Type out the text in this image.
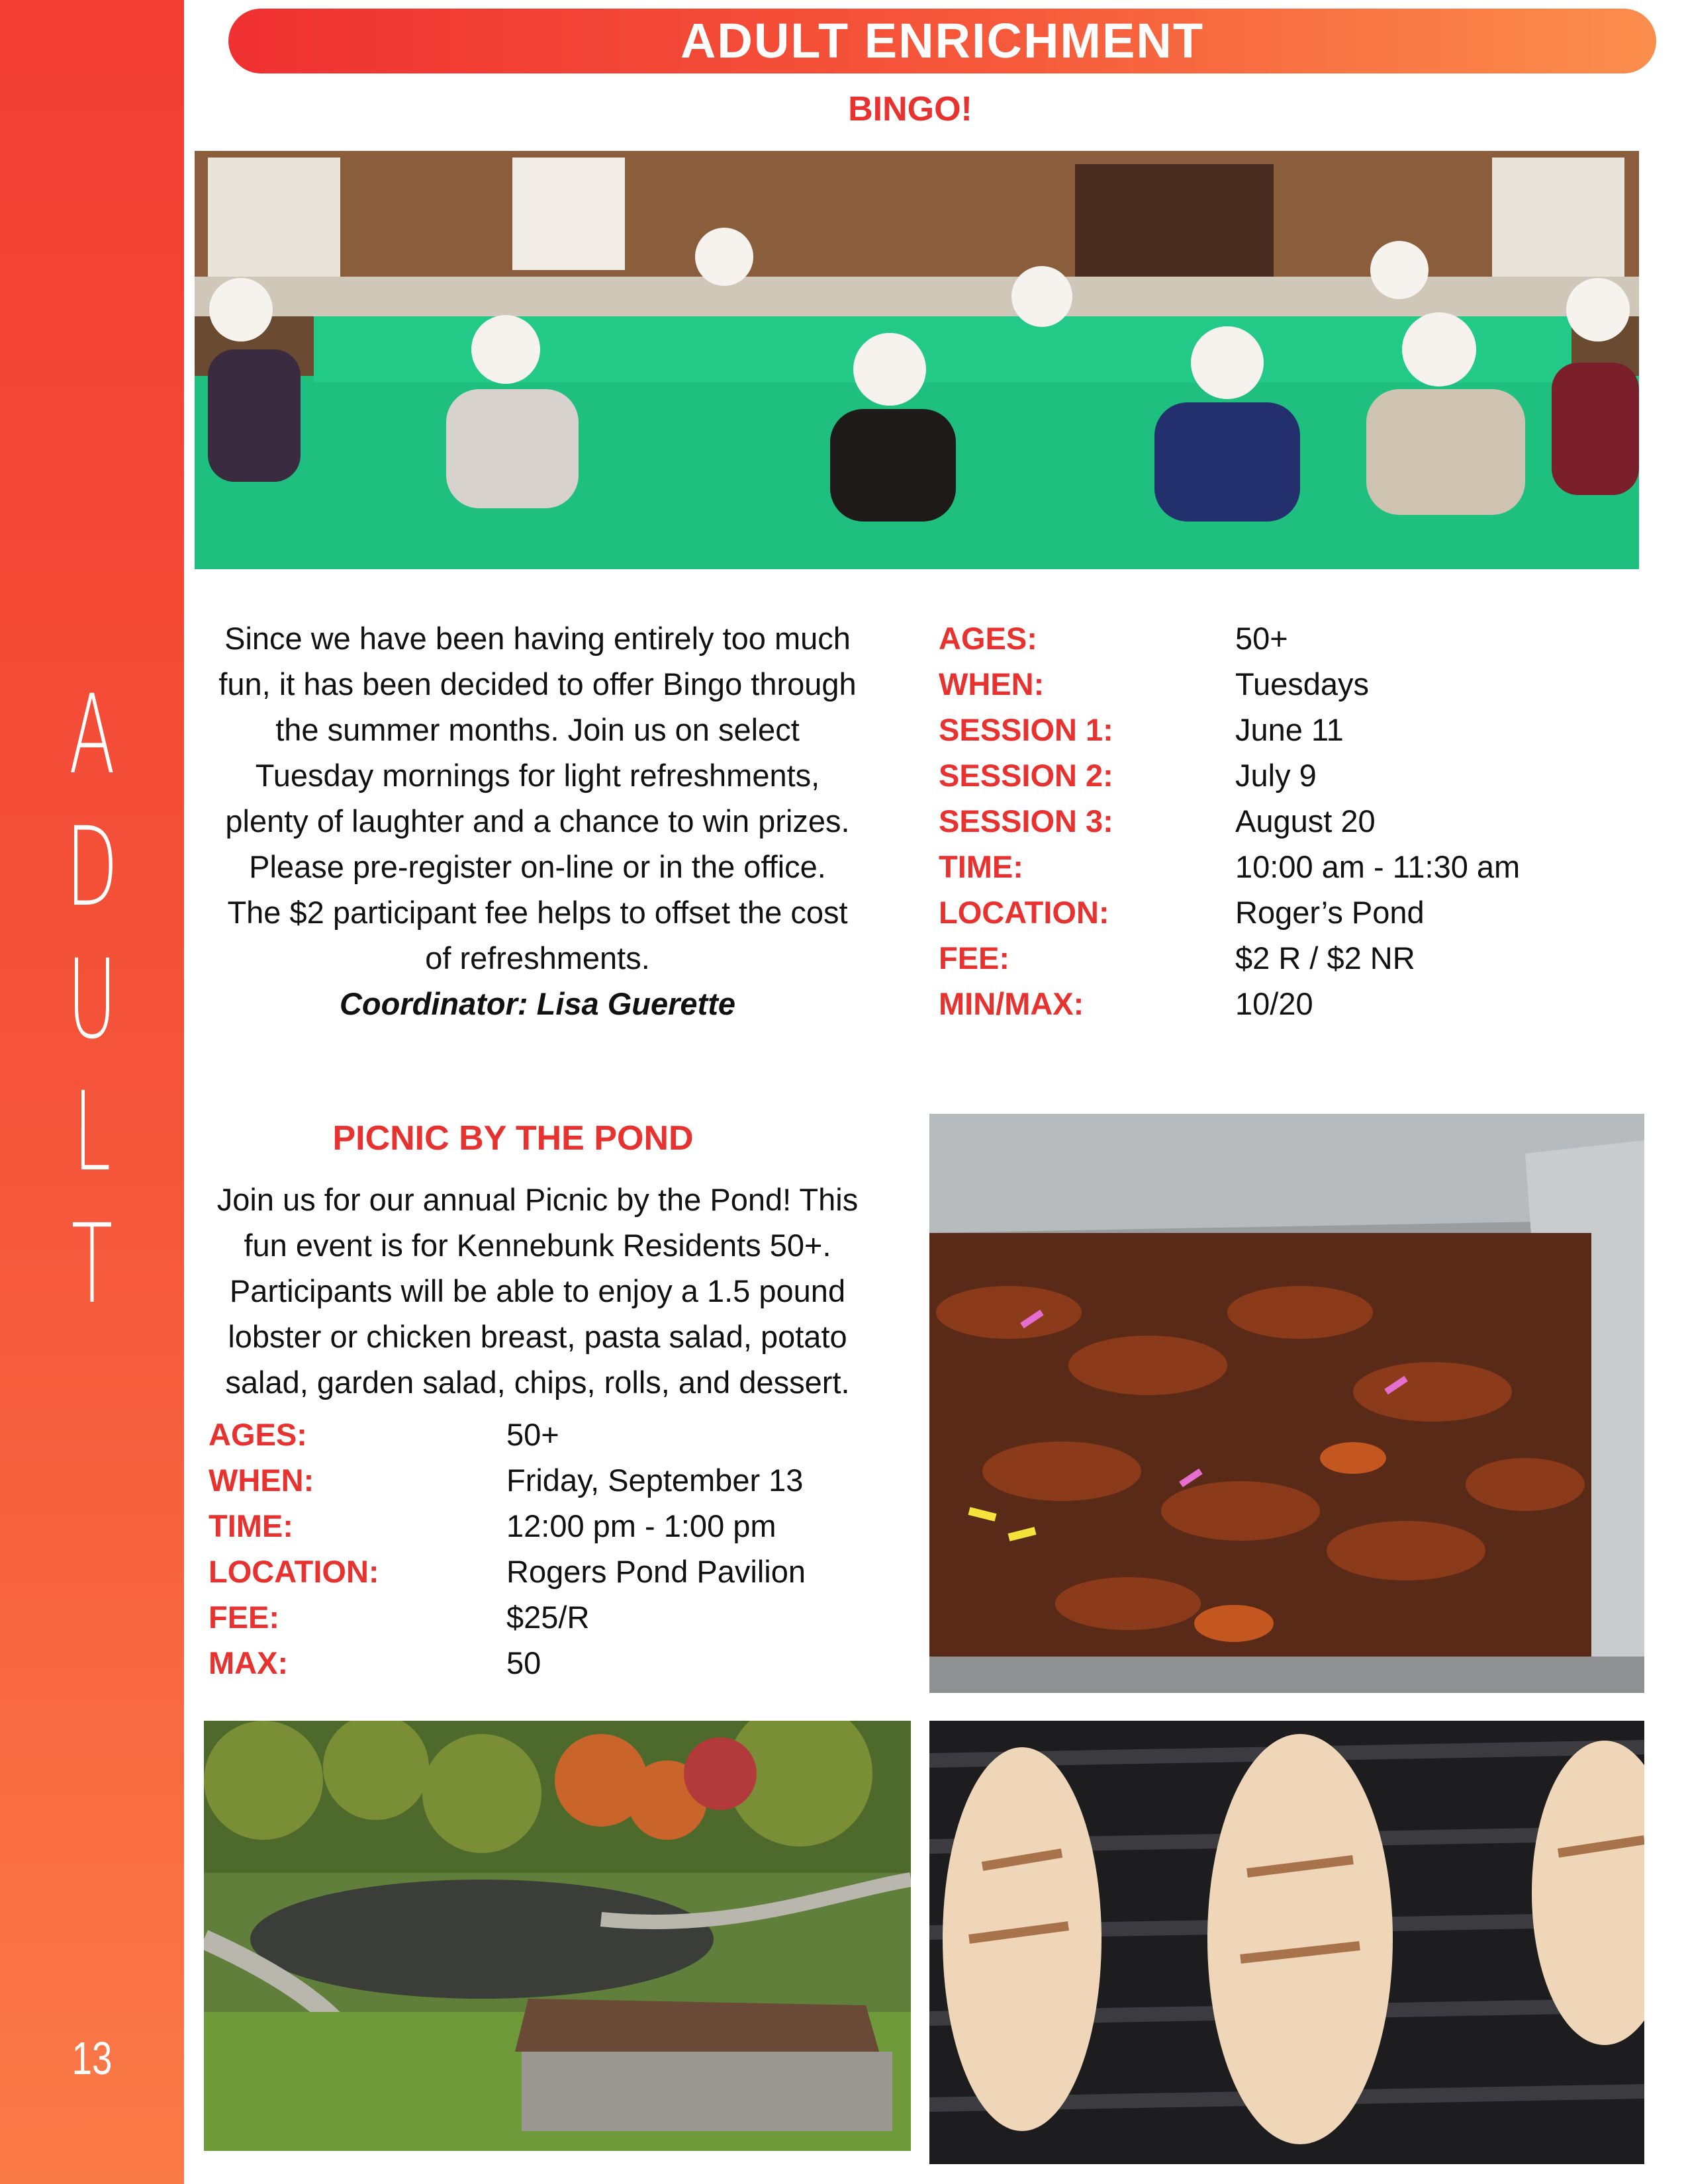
A
D
U
L
T
13
ADULT ENRICHMENT
BINGO!
Since we have been having entirely too much
fun, it has been decided to offer Bingo through
the summer months. Join us on select
Tuesday mornings for light refreshments,
plenty of laughter and a chance to win prizes.
Please pre-register on-line or in the office.
The $2 participant fee helps to offset the cost
of refreshments.
Coordinator: Lisa Guerette
AGES:	50+
WHEN:	Tuesdays
SESSION 1:	June 11
SESSION 2:	July 9
SESSION 3:	August 20
TIME:	10:00 am - 11:30 am
LOCATION:	Roger’s Pond
FEE:	$2 R / $2 NR
MIN/MAX:	10/20
PICNIC BY THE POND
Join us for our annual Picnic by the Pond! This
fun event is for Kennebunk Residents 50+.
Participants will be able to enjoy a 1.5 pound
lobster or chicken breast, pasta salad, potato
salad, garden salad, chips, rolls, and dessert.
AGES:	50+
WHEN:	Friday, September 13
TIME:	12:00 pm - 1:00 pm
LOCATION:	Rogers Pond Pavilion
FEE:	$25/R
MAX:	50
